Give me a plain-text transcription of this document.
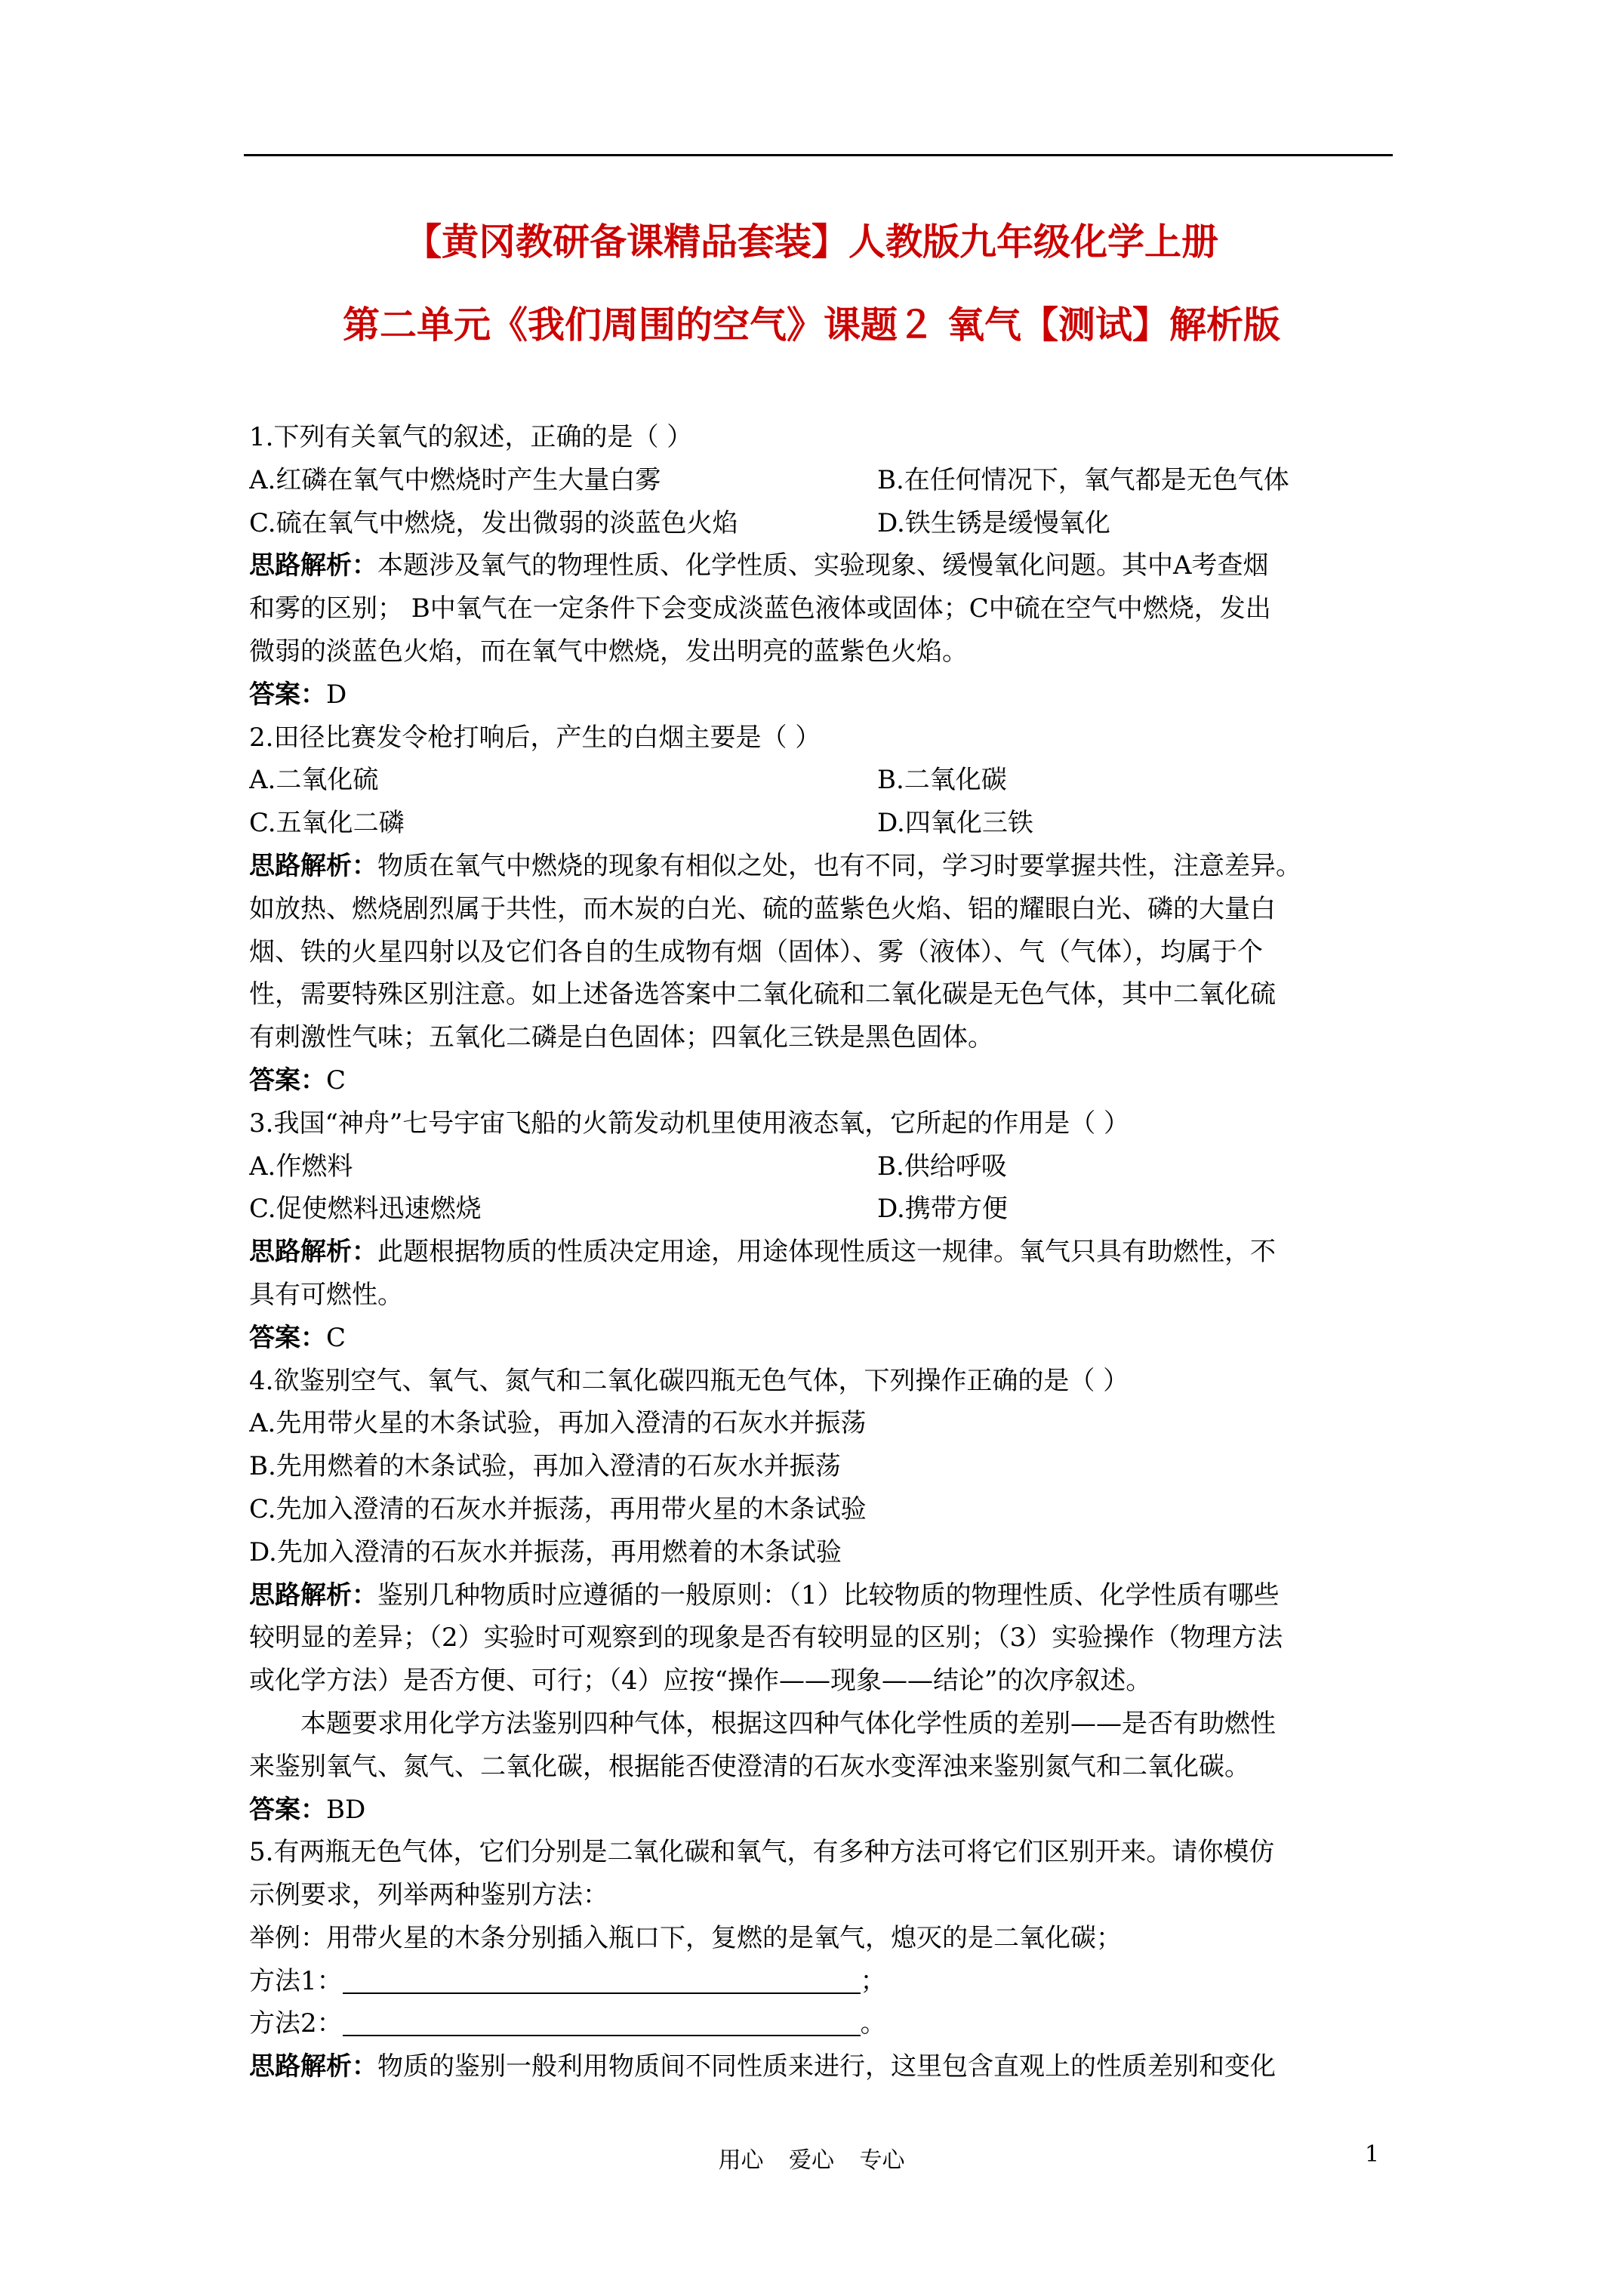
【黄冈教研备课精品套装】人教版九年级化学上册
第二单元《我们周围的空气》课题２ 氧气【测试】解析版
1.下列有关氧气的叙述，正确的是（ ）
A.红磷在氧气中燃烧时产生大量白雾	B.在任何情况下，氧气都是无色气体
C.硫在氧气中燃烧，发出微弱的淡蓝色火焰	D.铁生锈是缓慢氧化
思路解析：本题涉及氧气的物理性质、化学性质、实验现象、缓慢氧化问题。其中A考查烟
和雾的区别； B中氧气在一定条件下会变成淡蓝色液体或固体；C中硫在空气中燃烧，发出
微弱的淡蓝色火焰，而在氧气中燃烧，发出明亮的蓝紫色火焰。
答案：D
2.田径比赛发令枪打响后，产生的白烟主要是（ ）
A.二氧化硫	B.二氧化碳
C.五氧化二磷	D.四氧化三铁
思路解析：物质在氧气中燃烧的现象有相似之处，也有不同，学习时要掌握共性，注意差异。
如放热、燃烧剧烈属于共性，而木炭的白光、硫的蓝紫色火焰、铝的耀眼白光、磷的大量白
烟、铁的火星四射以及它们各自的生成物有烟（固体）、雾（液体）、气（气体），均属于个
性，需要特殊区别注意。如上述备选答案中二氧化硫和二氧化碳是无色气体，其中二氧化硫
有刺激性气味；五氧化二磷是白色固体；四氧化三铁是黑色固体。
答案：C
3.我国“神舟”七号宇宙飞船的火箭发动机里使用液态氧，它所起的作用是（ ）
A.作燃料	B.供给呼吸
C.促使燃料迅速燃烧	D.携带方便
思路解析：此题根据物质的性质决定用途，用途体现性质这一规律。氧气只具有助燃性，不
具有可燃性。
答案：C
4.欲鉴别空气、氧气、氮气和二氧化碳四瓶无色气体，下列操作正确的是（ ）
A.先用带火星的木条试验，再加入澄清的石灰水并振荡
B.先用燃着的木条试验，再加入澄清的石灰水并振荡
C.先加入澄清的石灰水并振荡，再用带火星的木条试验
D.先加入澄清的石灰水并振荡，再用燃着的木条试验
思路解析：鉴别几种物质时应遵循的一般原则：（1）比较物质的物理性质、化学性质有哪些
较明显的差异；（2）实验时可观察到的现象是否有较明显的区别；（3）实验操作（物理方法
或化学方法）是否方便、可行；（4）应按“操作——现象——结论”的次序叙述。
本题要求用化学方法鉴别四种气体，根据这四种气体化学性质的差别——是否有助燃性
来鉴别氧气、氮气、二氧化碳，根据能否使澄清的石灰水变浑浊来鉴别氮气和二氧化碳。
答案：BD
5.有两瓶无色气体，它们分别是二氧化碳和氧气，有多种方法可将它们区别开来。请你模仿
示例要求，列举两种鉴别方法：
举例：用带火星的木条分别插入瓶口下，复燃的是氧气，熄灭的是二氧化碳；
方法1：	；
方法2：	。
思路解析：物质的鉴别一般利用物质间不同性质来进行，这里包含直观上的性质差别和变化
用心 爱心 专心	1
